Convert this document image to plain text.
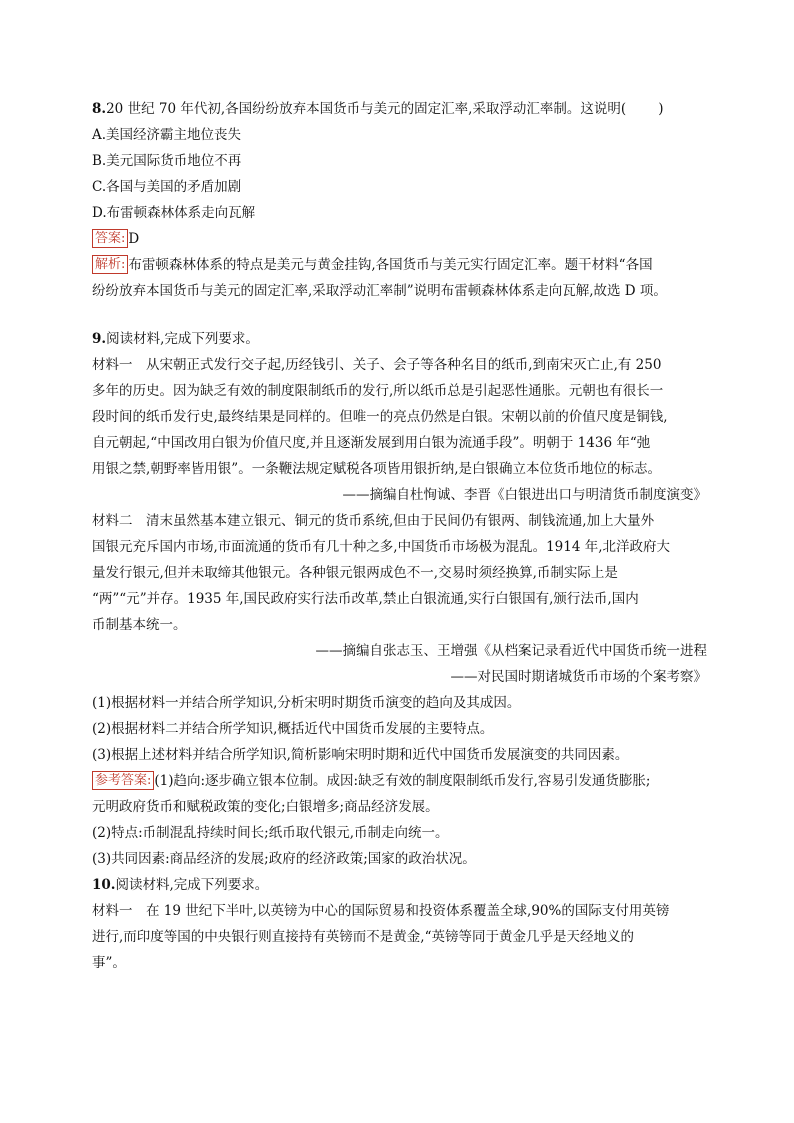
8.20 世纪 70 年代初,各国纷纷放弃本国货币与美元的固定汇率,采取浮动汇率制。这说明( )
A.美国经济霸主地位丧失
B.美元国际货币地位不再
C.各国与美国的矛盾加剧
D.布雷顿森林体系走向瓦解
答案: D
解析: 布雷顿森林体系的特点是美元与黄金挂钩,各国货币与美元实行固定汇率。题干材料“各国
纷纷放弃本国货币与美元的固定汇率,采取浮动汇率制”说明布雷顿森林体系走向瓦解,故选 D 项。
9.阅读材料,完成下列要求。
材料一　从宋朝正式发行交子起,历经钱引、关子、会子等各种名目的纸币,到南宋灭亡止,有 250
多年的历史。因为缺乏有效的制度限制纸币的发行,所以纸币总是引起恶性通胀。元朝也有很长一
段时间的纸币发行史,最终结果是同样的。但唯一的亮点仍然是白银。宋朝以前的价值尺度是铜钱,
自元朝起,“中国改用白银为价值尺度,并且逐渐发展到用白银为流通手段”。明朝于 1436 年“弛
用银之禁,朝野率皆用银”。一条鞭法规定赋税各项皆用银折纳,是白银确立本位货币地位的标志。
——摘编自杜恂诚、李晋《白银进出口与明清货币制度演变》
材料二　清末虽然基本建立银元、铜元的货币系统,但由于民间仍有银两、制钱流通,加上大量外
国银元充斥国内市场,市面流通的货币有几十种之多,中国货币市场极为混乱。1914 年,北洋政府大
量发行银元,但并未取缔其他银元。各种银元银两成色不一,交易时须经换算,币制实际上是
“两”“元”并存。1935 年,国民政府实行法币改革,禁止白银流通,实行白银国有,颁行法币,国内
币制基本统一。
——摘编自张志玉、王增强《从档案记录看近代中国货币统一进程
——对民国时期诸城货币市场的个案考察》
(1)根据材料一并结合所学知识,分析宋明时期货币演变的趋向及其成因。
(2)根据材料二并结合所学知识,概括近代中国货币发展的主要特点。
(3)根据上述材料并结合所学知识,简析影响宋明时期和近代中国货币发展演变的共同因素。
参考答案: (1)趋向:逐步确立银本位制。成因:缺乏有效的制度限制纸币发行,容易引发通货膨胀;
元明政府货币和赋税政策的变化;白银增多;商品经济发展。
(2)特点:币制混乱持续时间长;纸币取代银元,币制走向统一。
(3)共同因素:商品经济的发展;政府的经济政策;国家的政治状况。
10.阅读材料,完成下列要求。
材料一　在 19 世纪下半叶,以英镑为中心的国际贸易和投资体系覆盖全球,90%的国际支付用英镑
进行,而印度等国的中央银行则直接持有英镑而不是黄金,“英镑等同于黄金几乎是天经地义的
事”。
